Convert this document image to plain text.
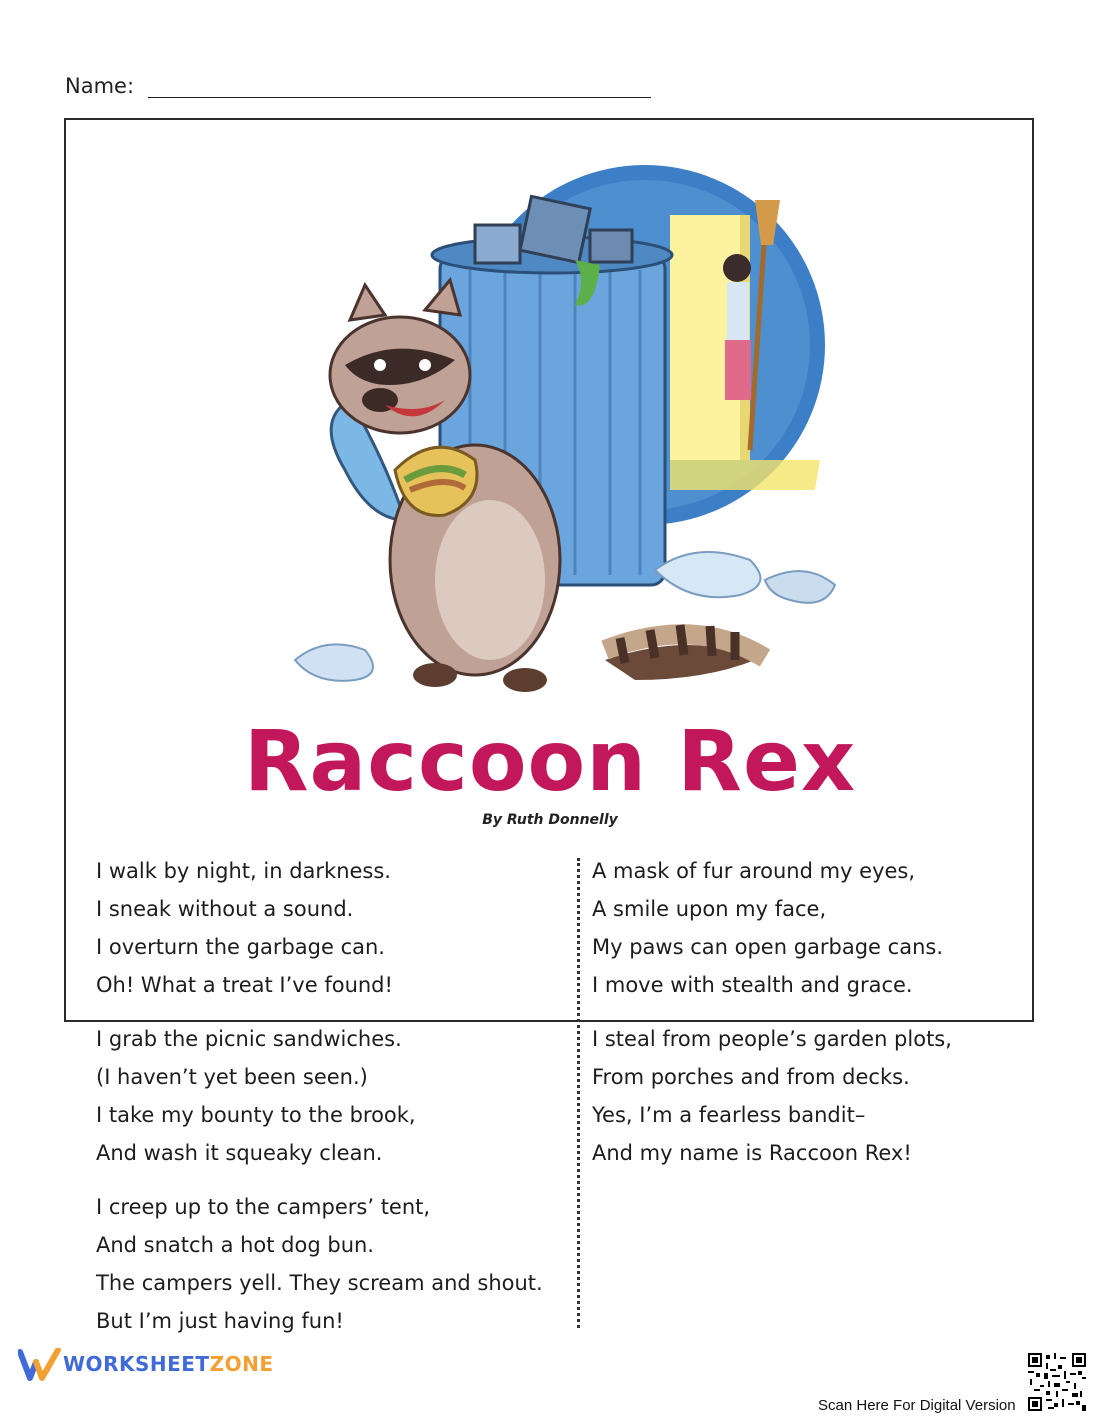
Name:
Raccoon Rex
By Ruth Donnelly
I walk by night, in darkness.
I sneak without a sound.
I overturn the garbage can.
Oh! What a treat I’ve found!
I grab the picnic sandwiches.
(I haven’t yet been seen.)
I take my bounty to the brook,
And wash it squeaky clean.
I creep up to the campers’ tent,
And snatch a hot dog bun.
The campers yell. They scream and shout.
But I’m just having fun!
A mask of fur around my eyes,
A smile upon my face,
My paws can open garbage cans.
I move with stealth and grace.
I steal from people’s garden plots,
From porches and from decks.
Yes, I’m a fearless bandit–
And my name is Raccoon Rex!
WORKSHEETZONE
Scan Here For Digital Version
